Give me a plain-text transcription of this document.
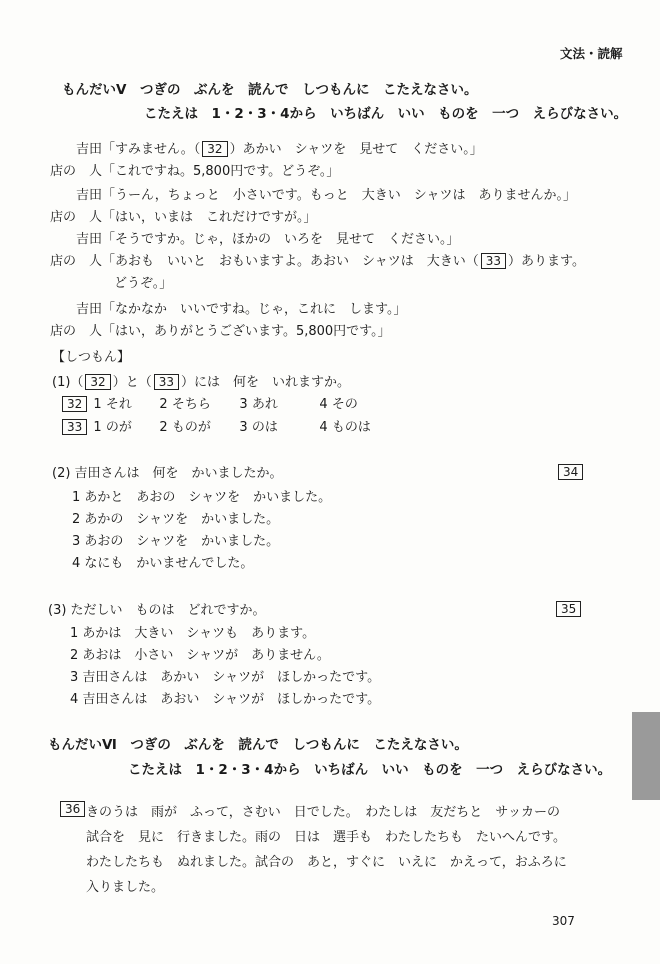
文法・読解
もんだいⅤ　つぎの　ぶんを　読んで　しつもんに　こたえなさい。
こたえは　1・2・3・4から　いちばん　いい　ものを　一つ　えらびなさい。
吉田「すみません。（ 32 ）あかい　シャツを　見せて　ください。」
店の　人「これですね。5,800円です。どうぞ。」
吉田「うーん，ちょっと　小さいです。もっと　大きい　シャツは　ありませんか。」
店の　人「はい，いまは　これだけですが。」
吉田「そうですか。じゃ，ほかの　いろを　見せて　ください。」
店の　人「あおも　いいと　おもいますよ。あおい　シャツは　大きい（ 33 ）あります。
どうぞ。」
吉田「なかなか　いいですね。じゃ，これに　します。」
店の　人「はい，ありがとうございます。5,800円です。」
【しつもん】
(1)（ 32 ）と（ 33 ）には　何を　いれますか。
32 1 それ 2 そちら 3 あれ	4 その
33 1 のが 2 ものが 3 のは	4 ものは
(2) 吉田さんは　何を　かいましたか。	34
1 あかと　あおの　シャツを　かいました。
2 あかの　シャツを　かいました。
3 あおの　シャツを　かいました。
4 なにも　かいませんでした。
(3) ただしい　ものは　どれですか。	35
1 あかは　大きい　シャツも　あります。
2 あおは　小さい　シャツが　ありません。
3 吉田さんは　あかい　シャツが　ほしかったです。
4 吉田さんは　あおい　シャツが　ほしかったです。
もんだいⅥ　つぎの　ぶんを　読んで　しつもんに　こたえなさい。
こたえは　1・2・3・4から　いちばん　いい　ものを　一つ　えらびなさい。
36 きのうは　雨が　ふって，さむい　日でした。　わたしは　友だちと　サッカーの
試合を　見に　行きました。雨の　日は　選手も　わたしたちも　たいへんです。
わたしたちも　ぬれました。試合の　あと，すぐに　いえに　かえって，おふろに
入りました。
307
